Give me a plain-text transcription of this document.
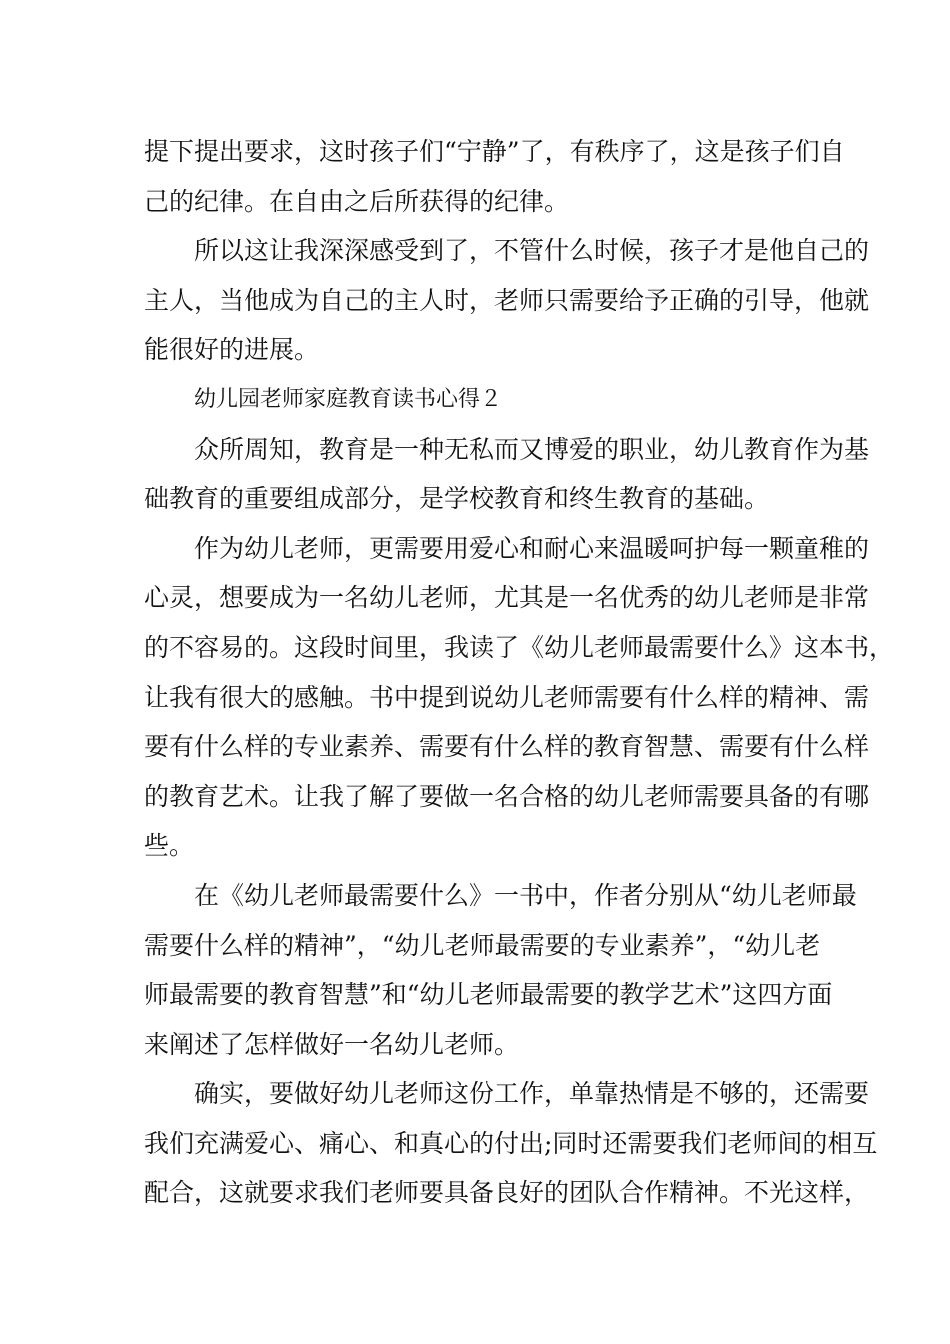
提下提出要求，这时孩子们“宁静”了，有秩序了，这是孩子们自
己的纪律。在自由之后所获得的纪律。
所以这让我深深感受到了，不管什么时候，孩子才是他自己的
主人，当他成为自己的主人时，老师只需要给予正确的引导，他就
能很好的进展。
幼儿园老师家庭教育读书心得２
众所周知，教育是一种无私而又博爱的职业，幼儿教育作为基
础教育的重要组成部分，是学校教育和终生教育的基础。
作为幼儿老师，更需要用爱心和耐心来温暖呵护每一颗童稚的
心灵，想要成为一名幼儿老师，尤其是一名优秀的幼儿老师是非常
的不容易的。这段时间里，我读了《幼儿老师最需要什么》这本书，
让我有很大的感触。书中提到说幼儿老师需要有什么样的精神、需
要有什么样的专业素养、需要有什么样的教育智慧、需要有什么样
的教育艺术。让我了解了要做一名合格的幼儿老师需要具备的有哪
些。
在《幼儿老师最需要什么》一书中，作者分别从“幼儿老师最
需要什么样的精神”，“幼儿老师最需要的专业素养”，“幼儿老
师最需要的教育智慧”和“幼儿老师最需要的教学艺术”这四方面
来阐述了怎样做好一名幼儿老师。
确实，要做好幼儿老师这份工作，单靠热情是不够的，还需要
我们充满爱心、痛心、和真心的付出;同时还需要我们老师间的相互
配合，这就要求我们老师要具备良好的团队合作精神。不光这样，
